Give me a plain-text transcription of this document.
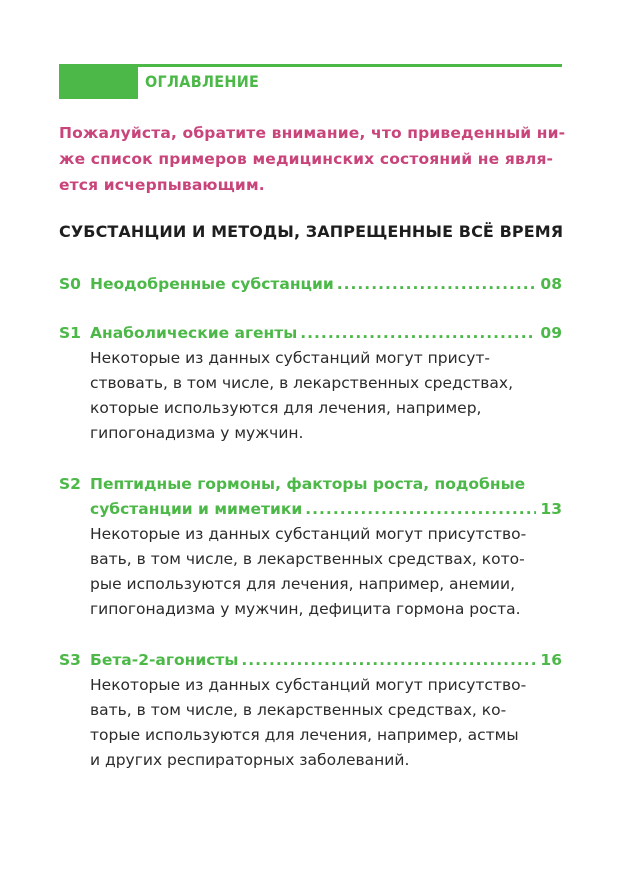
ОГЛАВЛЕНИЕ
Пожалуйста, обратите внимание, что приведенный ни-
же список примеров медицинских состояний не явля-
ется исчерпывающим.
СУБСТАНЦИИ И МЕТОДЫ, ЗАПРЕЩЕННЫЕ ВСЁ ВРЕМЯ
S0 Неодобренные субстанции .....	08
S1 Анаболические агенты .....	09
Некоторые из данных субстанций могут присут-
ствовать, в том числе, в лекарственных средствах,
которые используются для лечения, например,
гипогонадизма у мужчин.
S2 Пептидные гормоны, факторы роста, подобные
субстанции и миметики .....	13
Некоторые из данных субстанций могут присутство-
вать, в том числе, в лекарственных средствах, кото-
рые используются для лечения, например, анемии,
гипогонадизма у мужчин, дефицита гормона роста.
S3 Бета-2-агонисты .....	16
Некоторые из данных субстанций могут присутство-
вать, в том числе, в лекарственных средствах, ко-
торые используются для лечения, например, астмы
и других респираторных заболеваний.
